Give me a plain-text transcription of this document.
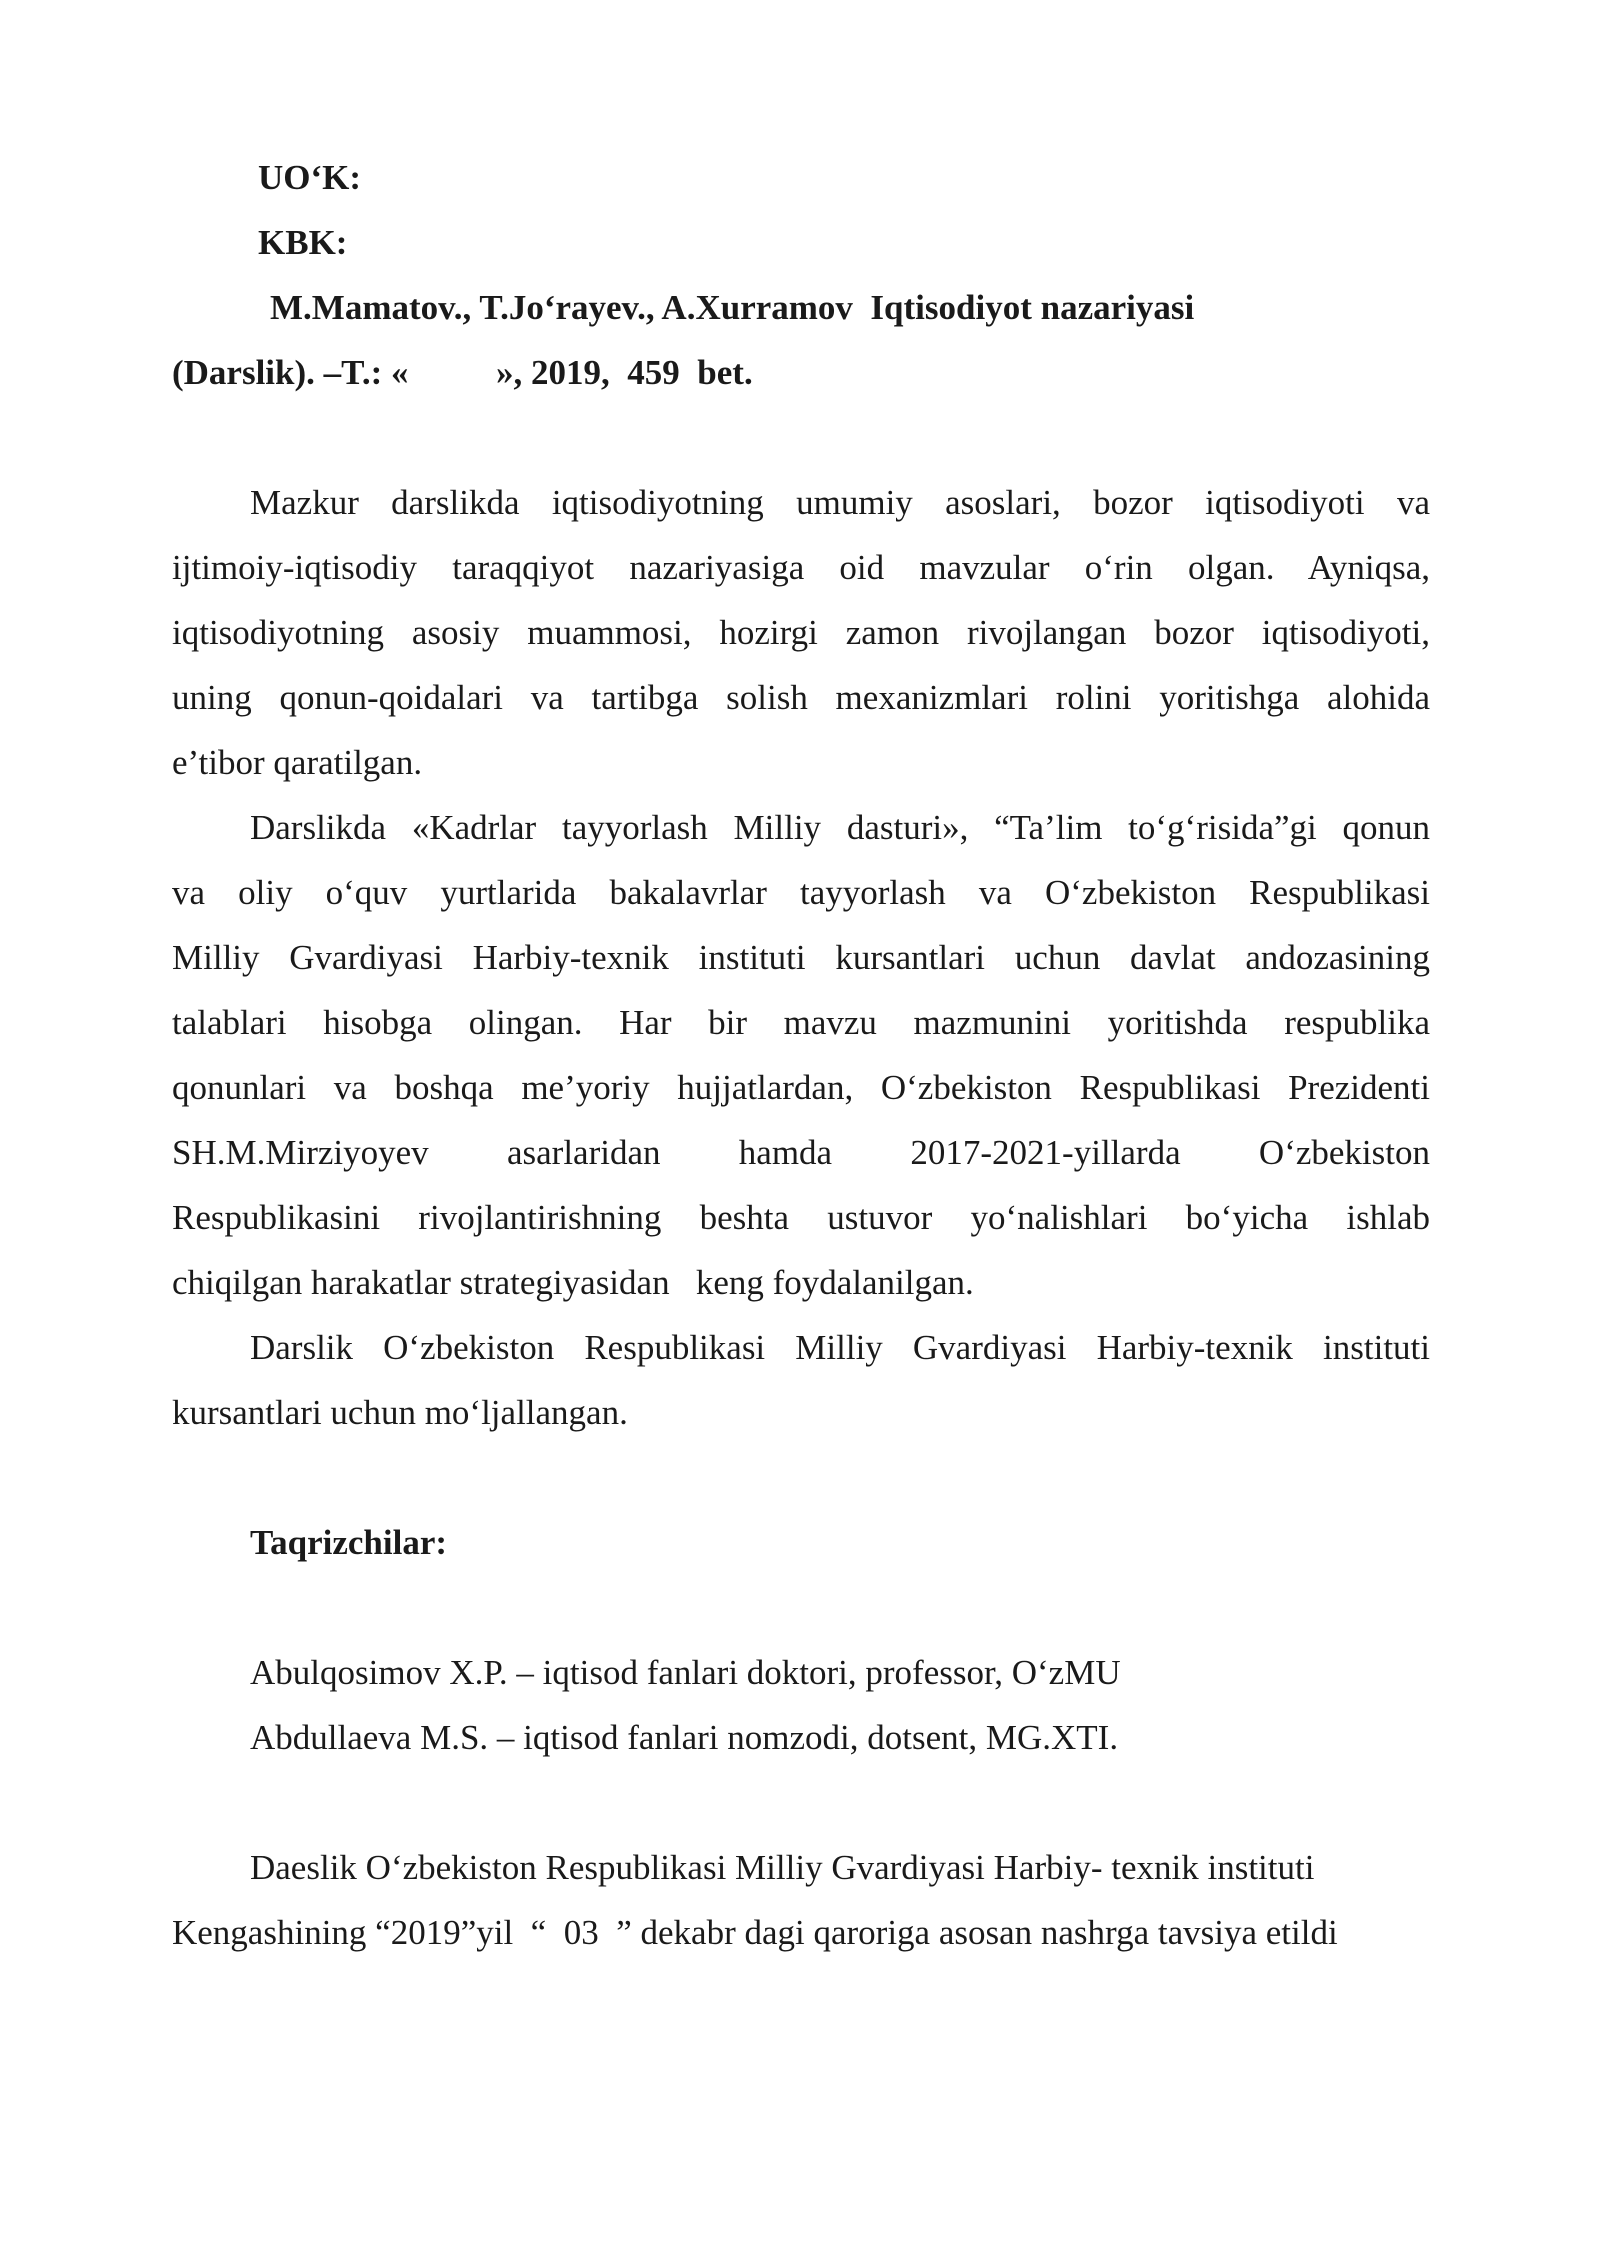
UO‘K:
KBK:
M.Mamatov., T.Jo‘rayev., A.Xurramov  Iqtisodiyot nazariyasi
(Darslik). –T.: «          », 2019,  459  bet.
Mazkur darslikda iqtisodiyotning umumiy asoslari, bozor iqtisodiyoti va
ijtimoiy-iqtisodiy taraqqiyot nazariyasiga oid mavzular o‘rin olgan. Ayniqsa,
iqtisodiyotning asosiy muammosi, hozirgi zamon rivojlangan bozor iqtisodiyoti,
uning qonun-qoidalari va tartibga solish mexanizmlari rolini yoritishga alohida
e’tibor qaratilgan.
Darslikda «Kadrlar tayyorlash Milliy dasturi», “Ta’lim to‘g‘risida”gi qonun
va oliy o‘quv yurtlarida bakalavrlar tayyorlash va O‘zbekiston Respublikasi
Milliy Gvardiyasi Harbiy-texnik instituti kursantlari uchun davlat andozasining
talablari hisobga olingan. Har bir mavzu mazmunini yoritishda respublika
qonunlari va boshqa me’yoriy hujjatlardan, O‘zbekiston Respublikasi Prezidenti
SH.M.Mirziyoyev asarlaridan hamda 2017-2021-yillarda O‘zbekiston
Respublikasini rivojlantirishning beshta ustuvor yo‘nalishlari bo‘yicha ishlab
chiqilgan harakatlar strategiyasidan   keng foydalanilgan.
Darslik O‘zbekiston Respublikasi Milliy Gvardiyasi Harbiy-texnik instituti
kursantlari uchun mo‘ljallangan.
Taqrizchilar:
Abulqosimov X.P. – iqtisod fanlari doktori, professor, O‘zMU
Abdullaeva M.S. – iqtisod fanlari nomzodi, dotsent, MG.XTI.
Daeslik O‘zbekiston Respublikasi Milliy Gvardiyasi Harbiy- texnik instituti
Kengashining “2019”yil  “  03  ” dekabr dagi qaroriga asosan nashrga tavsiya etildi
